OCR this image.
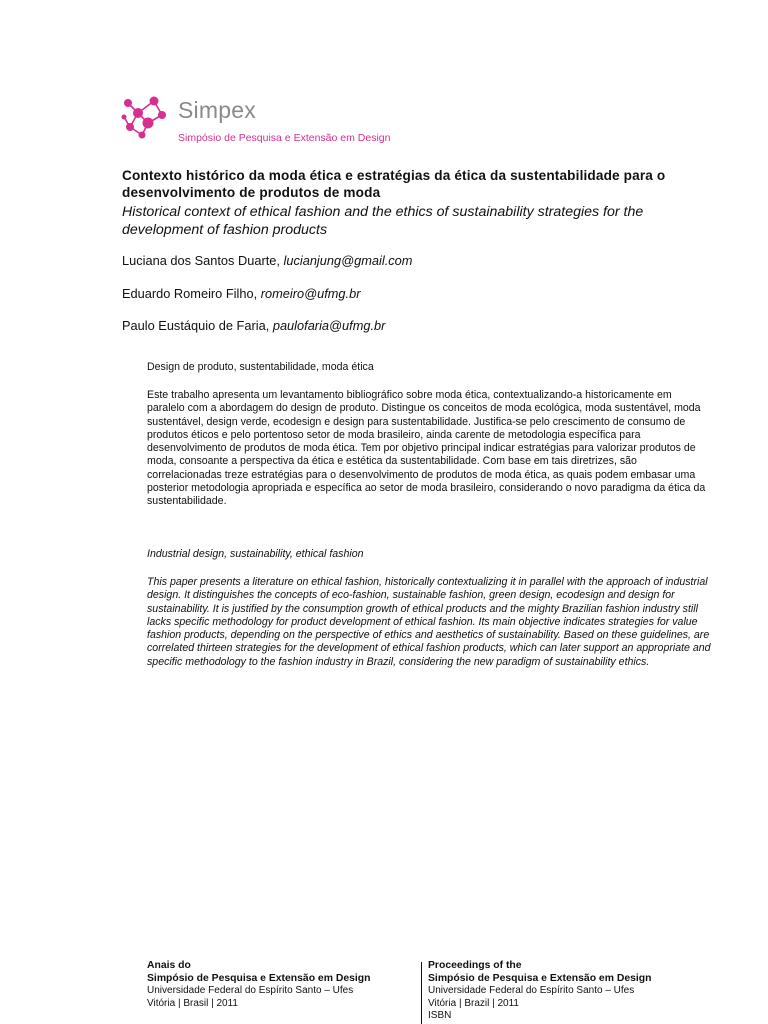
Simpex
Simpósio de Pesquisa e Extensão em Design
Contexto histórico da moda ética e estratégias da ética da sustentabilidade para o desenvolvimento de produtos de moda
Historical context of ethical fashion and the ethics of sustainability strategies for the development of fashion products
Luciana dos Santos Duarte, lucianjung@gmail.com
Eduardo Romeiro Filho, romeiro@ufmg.br
Paulo Eustáquio de Faria, paulofaria@ufmg.br
Design de produto, sustentabilidade, moda ética

Este trabalho apresenta um levantamento bibliográfico sobre moda ética, contextualizando-a historicamente em paralelo com a abordagem do design de produto. Distingue os conceitos de moda ecológica, moda sustentável, moda sustentável, design verde, ecodesign e design para sustentabilidade. Justifica-se pelo crescimento de consumo de produtos éticos e pelo portentoso setor de moda brasileiro, ainda carente de metodologia específica para desenvolvimento de produtos de moda ética. Tem por objetivo principal indicar estratégias para valorizar produtos de moda, consoante a perspectiva da ética e estética da sustentabilidade. Com base em tais diretrizes, são correlacionadas treze estratégias para o desenvolvimento de produtos de moda ética, as quais podem embasar uma posterior metodologia apropriada e específica ao setor de moda brasileiro, considerando o novo paradigma da ética da sustentabilidade.

Industrial design, sustainability, ethical fashion

This paper presents a literature on ethical fashion, historically contextualizing it in parallel with the approach of industrial design. It distinguishes the concepts of eco-fashion, sustainable fashion, green design, ecodesign and design for sustainability. It is justified by the consumption growth of ethical products and the mighty Brazilian fashion industry still lacks specific methodology for product development of ethical fashion. Its main objective indicates strategies for value fashion products, depending on the perspective of ethics and aesthetics of sustainability. Based on these guidelines, are correlated thirteen strategies for the development of ethical fashion products, which can later support an appropriate and specific methodology to the fashion industry in Brazil, considering the new paradigm of sustainability ethics.

Anais do
Simpósio de Pesquisa e Extensão em Design
Universidade Federal do Espírito Santo – Ufes
Vitória | Brasil | 2011
Proceedings of the
Simpósio de Pesquisa e Extensão em Design
Universidade Federal do Espírito Santo – Ufes
Vitória | Brazil | 2011
ISBN
